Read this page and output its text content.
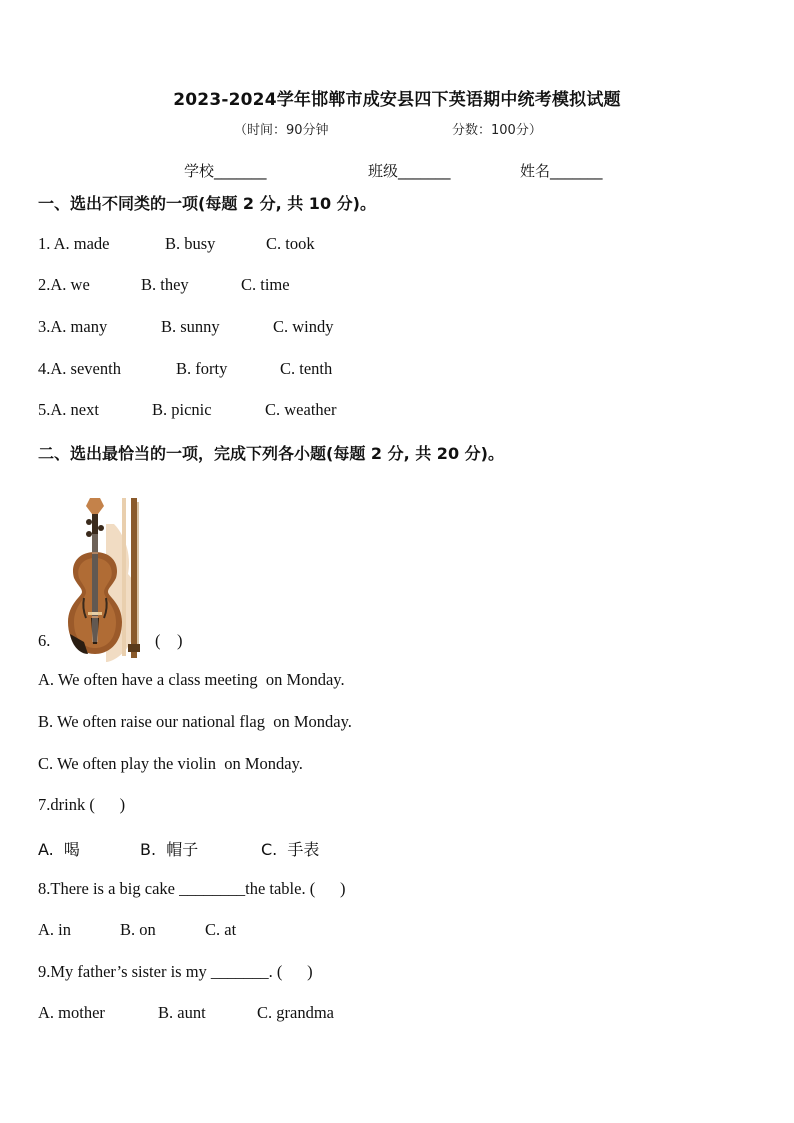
2023-2024学年邯郸市成安县四下英语期中统考模拟试题
（时间：90分钟	分数：100分）
学校_______	班级_______	姓名_______
一、选出不同类的一项(每题 2 分, 共 10 分)。
1. A. made	B. busy	C. took
2.A. we	B. they	C. time
3.A. many	B. sunny	C. windy
4.A. seventh	B. forty	C. tenth
5.A. next	B. picnic	C. weather
二、选出最恰当的一项，完成下列各小题(每题 2 分, 共 20 分)。

6.	(    )
A. We often have a class meeting  on Monday.
B. We often raise our national flag  on Monday.
C. We often play the violin  on Monday.
7.drink (      )
A.  喝	B.  帽子	C.  手表
8.There is a big cake ________the table. (      )
A. in	B. on	C. at
9.My father’s sister is my _______. (      )
A. mother	B. aunt	C. grandma
